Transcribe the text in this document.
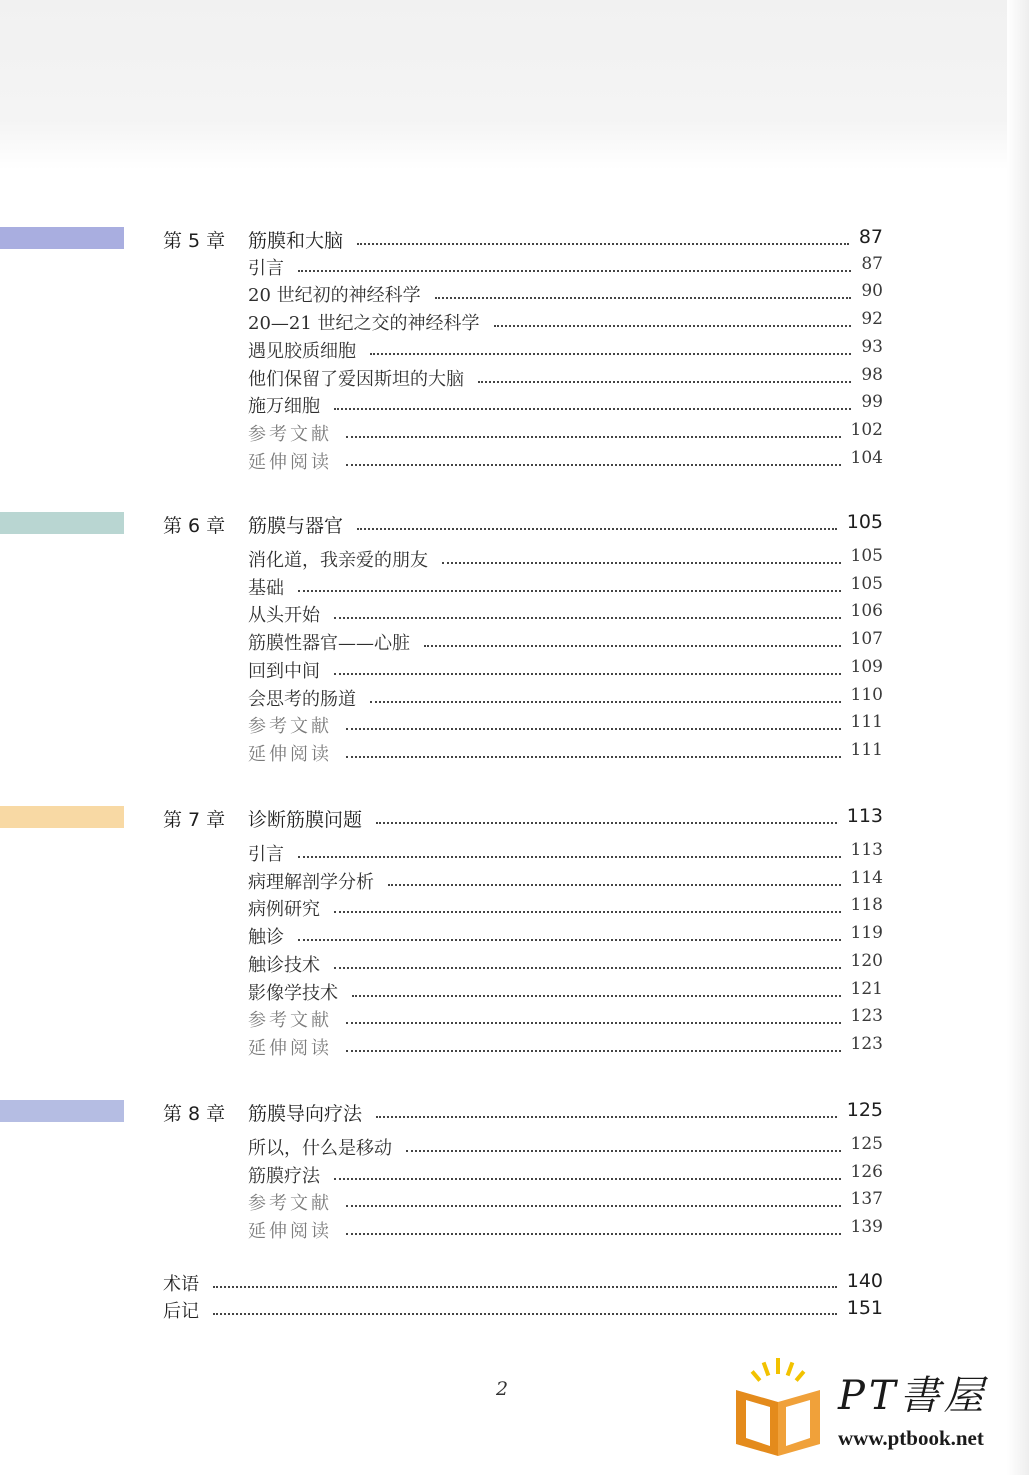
第 5 章 筋膜和大脑	87
引言	87
20 世纪初的神经科学	90
20—21 世纪之交的神经科学	92
遇见胶质细胞	93
他们保留了爱因斯坦的大脑	98
施万细胞	99
参考文献	102
延伸阅读	104
第 6 章 筋膜与器官	105
消化道，我亲爱的朋友	105
基础	105
从头开始	106
筋膜性器官——心脏	107
回到中间	109
会思考的肠道	110
参考文献	111
延伸阅读	111
第 7 章 诊断筋膜问题	113
引言	113
病理解剖学分析	114
病例研究	118
触诊	119
触诊技术	120
影像学技术	121
参考文献	123
延伸阅读	123
第 8 章 筋膜导向疗法	125
所以，什么是移动	125
筋膜疗法	126
参考文献	137
延伸阅读	139
术语	140
后记	151
2	PT書屋
www.ptbook.net
